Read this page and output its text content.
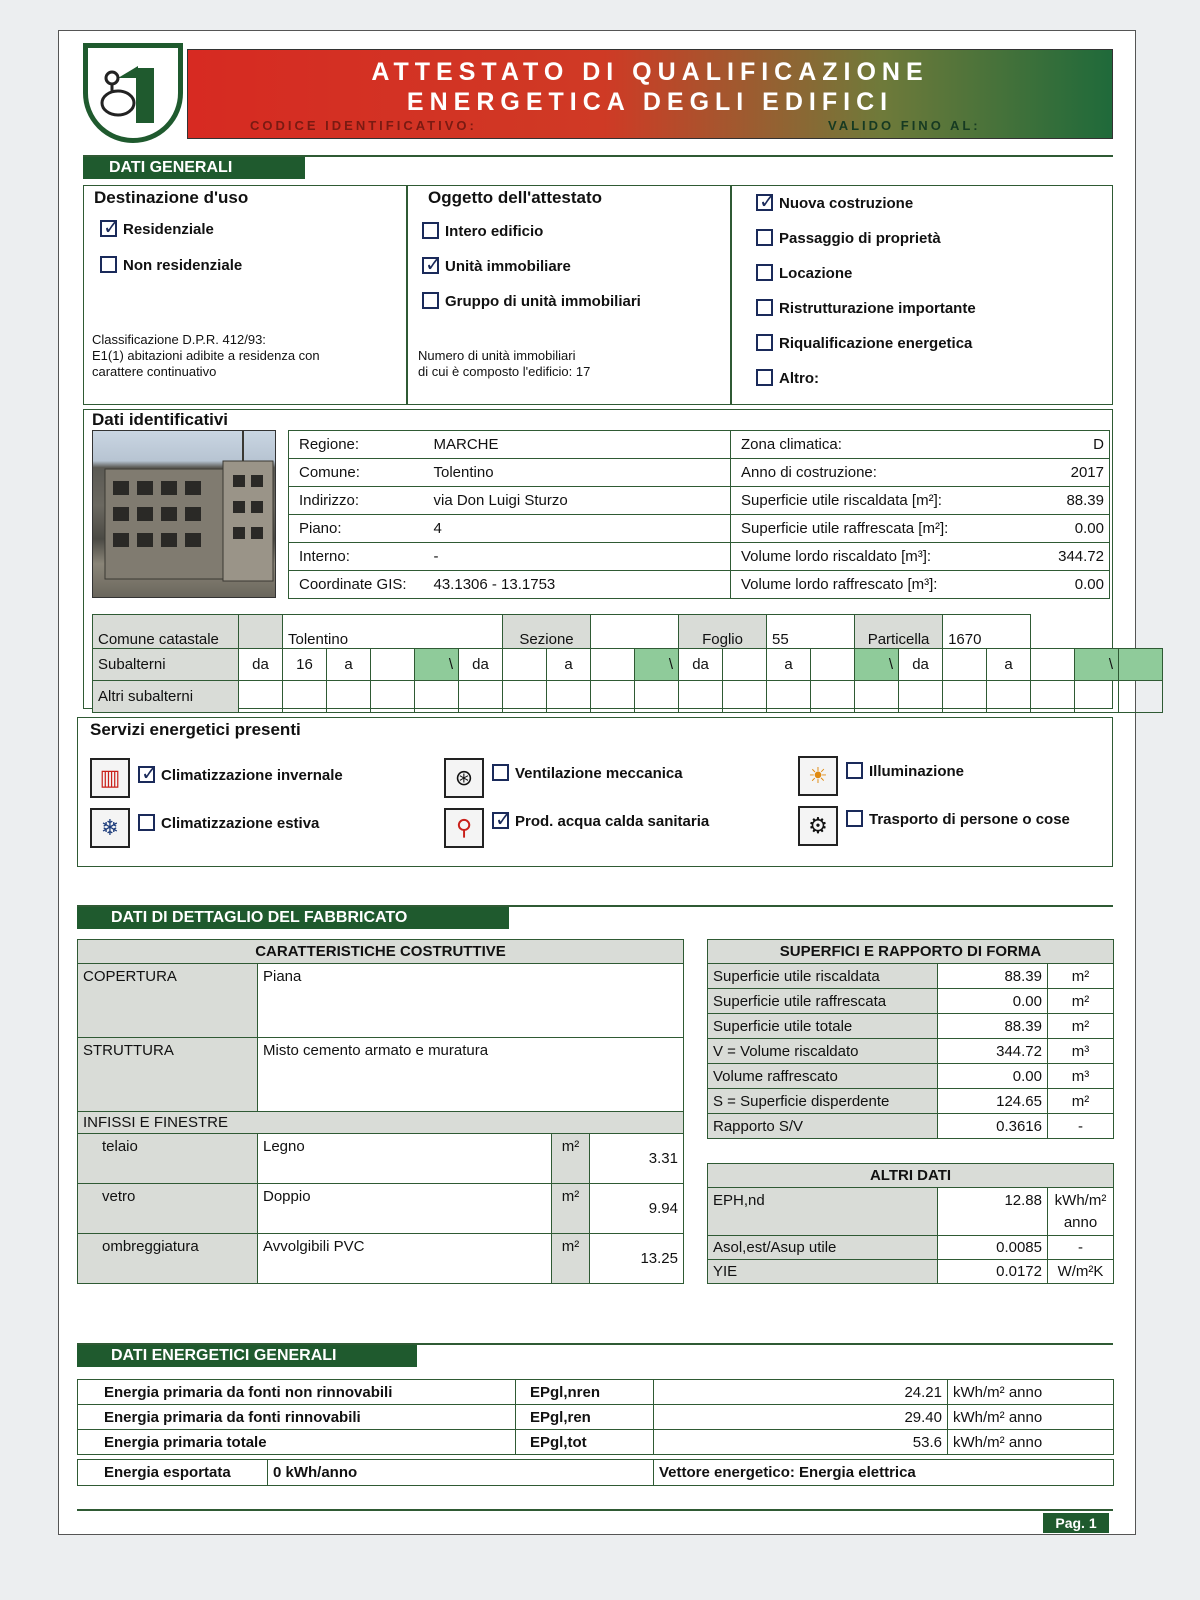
ATTESTATO DI QUALIFICAZIONE
ENERGETICA DEGLI EDIFICI
CODICE IDENTIFICATIVO:	VALIDO FINO AL:
DATI GENERALI
Destinazione d'uso
✓Residenziale
Non residenziale
Classificazione D.P.R. 412/93:
E1(1) abitazioni adibite a residenza con
carattere continuativo
Oggetto dell'attestato
Intero edificio
✓Unità immobiliare
Gruppo di unità immobiliari
Numero di unità immobiliari
di cui è composto l'edificio: 17
✓Nuova costruzione
Passaggio di proprietà
Locazione
Ristrutturazione importante
Riqualificazione energetica
Altro:
Dati identificativi
Regione:	MARCHE	Zona climatica:	D
Comune:	Tolentino	Anno di costruzione:	2017
Indirizzo:	via Don Luigi Sturzo	Superficie utile riscaldata [m²]:	88.39
Piano:	4	Superficie utile raffrescata [m²]:	0.00
Interno:	-	Volume lordo riscaldato [m³]:	344.72
Coordinate GIS:	43.1306 - 13.1753	Volume lordo raffrescato [m³]:	0.00
Comune catastale		Tolentino					Sezione				Foglio		55		Particella		1670				
Subalterni	da	16	a		\	da		a		\	da		a		\	da		a		\	
Altri subalterni																					
Servizi energetici presenti
▥ ✓	Climatizzazione invernale
❄	Climatizzazione estiva
⊛	Ventilazione meccanica
⚲ ✓	Prod. acqua calda sanitaria
☀	Illuminazione
⚙	Trasporto di persone o cose
DATI DI DETTAGLIO DEL FABBRICATO
CARATTERISTICHE COSTRUTTIVE			
COPERTURA	Piana		
STRUTTURA	Misto cemento armato e muratura		
INFISSI E FINESTRE			
telaio	Legno	m²	3.31
vetro	Doppio	m²	9.94
ombreggiatura	Avvolgibili PVC	m²	13.25
SUPERFICI E RAPPORTO DI FORMA		
Superficie utile riscaldata	88.39	m²
Superficie utile raffrescata	0.00	m²
Superficie utile totale	88.39	m²
V = Volume riscaldato	344.72	m³
Volume raffrescato	0.00	m³
S = Superficie disperdente	124.65	m²
Rapporto S/V	0.3616	-
ALTRI DATI		
EPH,nd	12.88	kWh/m²
anno

Asol,est/Asup utile	0.0085	-
YIE	0.0172	W/m²K
DATI ENERGETICI GENERALI
Energia primaria da fonti non rinnovabili	EPgl,nren	24.21	kWh/m² anno
Energia primaria da fonti rinnovabili	EPgl,ren	29.40	kWh/m² anno
Energia primaria totale	EPgl,tot	53.6	kWh/m² anno
Energia esportata	0 kWh/anno	Vettore energetico: Energia elettrica
Pag. 1
